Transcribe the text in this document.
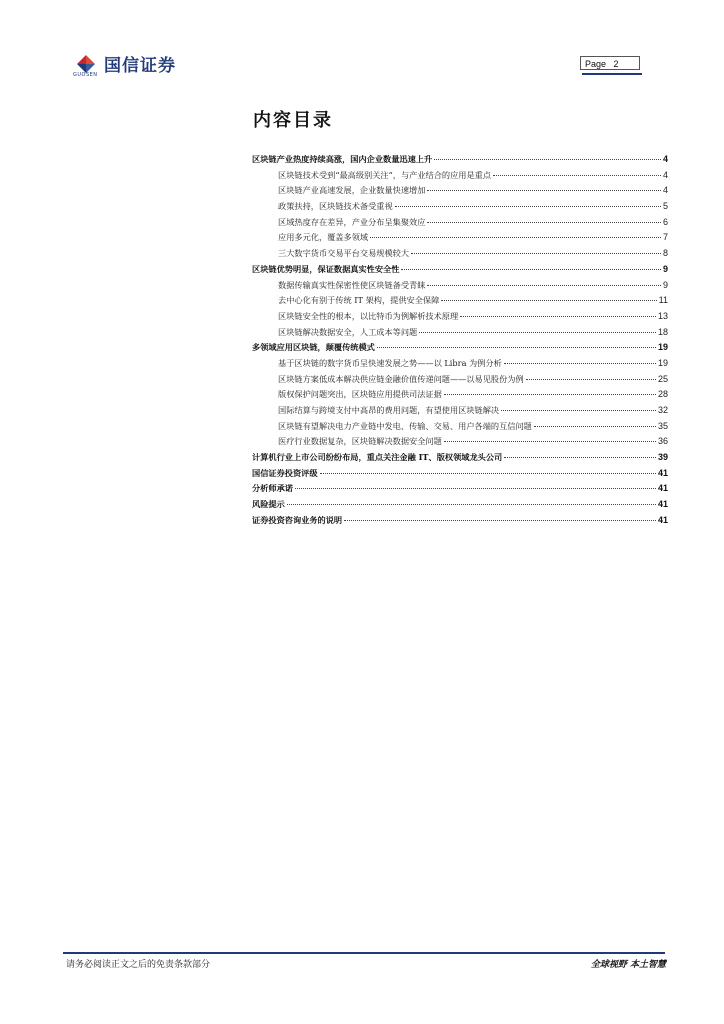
国信证券
GUOSEN
Page 2
内容目录
区块链产业热度持续高涨，国内企业数量迅速上升	4
区块链技术受到“最高级别关注”，与产业结合的应用是重点	4
区块链产业高速发展，企业数量快速增加	4
政策扶持，区块链技术备受重视	5
区域热度存在差异，产业分布呈集聚效应	6
应用多元化，覆盖多领域	7
三大数字货币交易平台交易规模较大	8
区块链优势明显，保证数据真实性安全性	9
数据传输真实性保密性使区块链备受青睐	9
去中心化有别于传统 IT 架构，提供安全保障	11
区块链安全性的根本，以比特币为例解析技术原理	13
区块链解决数据安全，人工成本等问题	18
多领域应用区块链，颠覆传统模式	19
基于区块链的数字货币呈快速发展之势——以 Libra 为例分析	19
区块链方案低成本解决供应链金融价值传递问题——以易见股份为例	25
版权保护问题突出，区块链应用提供司法证据	28
国际结算与跨境支付中高昂的费用问题，有望使用区块链解决	32
区块链有望解决电力产业链中发电、传输、交易、用户各端的互信问题	35
医疗行业数据复杂，区块链解决数据安全问题	36
计算机行业上市公司纷纷布局，重点关注金融 IT、版权领域龙头公司	39
国信证券投资评级	41
分析师承诺	41
风险提示	41
证券投资咨询业务的说明	41
请务必阅读正文之后的免责条款部分	全球视野 本土智慧
